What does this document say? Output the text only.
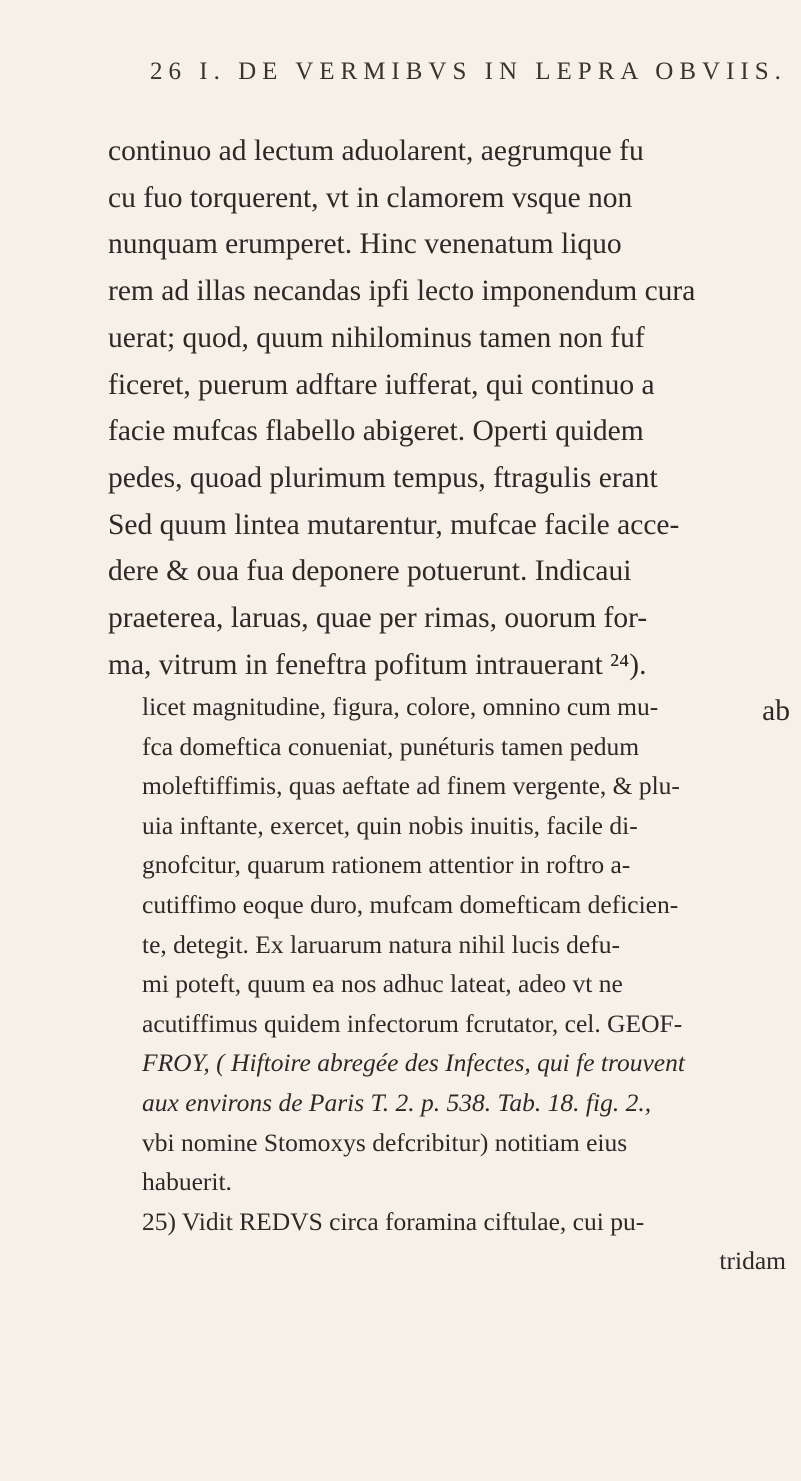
26 I. DE VERMIBVS IN LEPRA OBVIIS.
continuo ad lectum aduolarent, aegrumque fu
cu fuo torquerent, vt in clamorem vsque non
nunquam erumperet. Hinc venenatum liquo
rem ad illas necandas ipfi lecto imponendum cura
uerat; quod, quum nihilominus tamen non fuf
ficeret, puerum adftare iufferat, qui continuo a
facie mufcas flabello abigeret. Operti quidem
pedes, quoad plurimum tempus, ftragulis erant
Sed quum lintea mutarentur, mufcae facile acce-
dere & oua fua deponere potuerunt. Indicaui
praeterea, laruas, quae per rimas, ouorum for-
ma, vitrum in feneftra pofitum intrauerant ²⁴).
ab
licet magnitudine, figura, colore, omnino cum mu-
fca domeftica conueniat, punéturis tamen pedum
moleftiffimis, quas aeftate ad finem vergente, & plu-
uia inftante, exercet, quin nobis inuitis, facile di-
gnofcitur, quarum rationem attentior in roftro a-
cutiffimo eoque duro, mufcam domefticam deficien-
te, detegit. Ex laruarum natura nihil lucis defu-
mi poteft, quum ea nos adhuc lateat, adeo vt ne
acutiffimus quidem infectorum fcrutator, cel. GEOF-
FROY, ( Hiftoire abregée des Infectes, qui fe trouvent
aux environs de Paris T. 2. p. 538. Tab. 18. fig. 2.,
vbi nomine Stomoxys defcribitur) notitiam eius
habuerit.
25) Vidit REDVS circa foramina ciftulae, cui pu-
tridam
